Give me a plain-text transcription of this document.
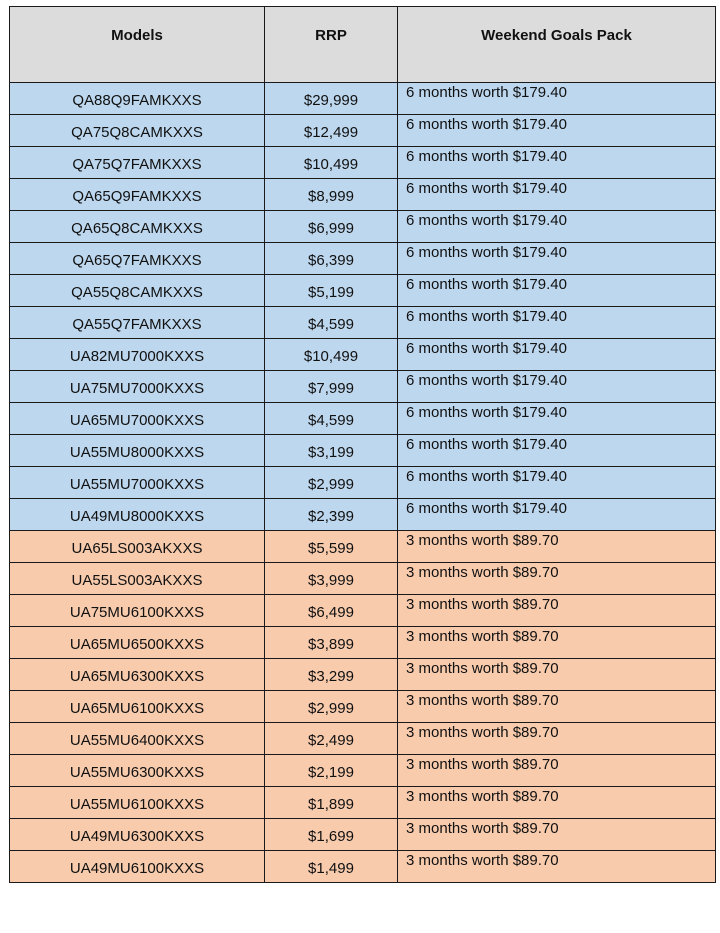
Models	RRP	Weekend Goals Pack
QA88Q9FAMKXXS	$29,999	6 months worth $179.40
QA75Q8CAMKXXS	$12,499	6 months worth $179.40
QA75Q7FAMKXXS	$10,499	6 months worth $179.40
QA65Q9FAMKXXS	$8,999	6 months worth $179.40
QA65Q8CAMKXXS	$6,999	6 months worth $179.40
QA65Q7FAMKXXS	$6,399	6 months worth $179.40
QA55Q8CAMKXXS	$5,199	6 months worth $179.40
QA55Q7FAMKXXS	$4,599	6 months worth $179.40
UA82MU7000KXXS	$10,499	6 months worth $179.40
UA75MU7000KXXS	$7,999	6 months worth $179.40
UA65MU7000KXXS	$4,599	6 months worth $179.40
UA55MU8000KXXS	$3,199	6 months worth $179.40
UA55MU7000KXXS	$2,999	6 months worth $179.40
UA49MU8000KXXS	$2,399	6 months worth $179.40
UA65LS003AKXXS	$5,599	3 months worth $89.70
UA55LS003AKXXS	$3,999	3 months worth $89.70
UA75MU6100KXXS	$6,499	3 months worth $89.70
UA65MU6500KXXS	$3,899	3 months worth $89.70
UA65MU6300KXXS	$3,299	3 months worth $89.70
UA65MU6100KXXS	$2,999	3 months worth $89.70
UA55MU6400KXXS	$2,499	3 months worth $89.70
UA55MU6300KXXS	$2,199	3 months worth $89.70
UA55MU6100KXXS	$1,899	3 months worth $89.70
UA49MU6300KXXS	$1,699	3 months worth $89.70
UA49MU6100KXXS	$1,499	3 months worth $89.70
